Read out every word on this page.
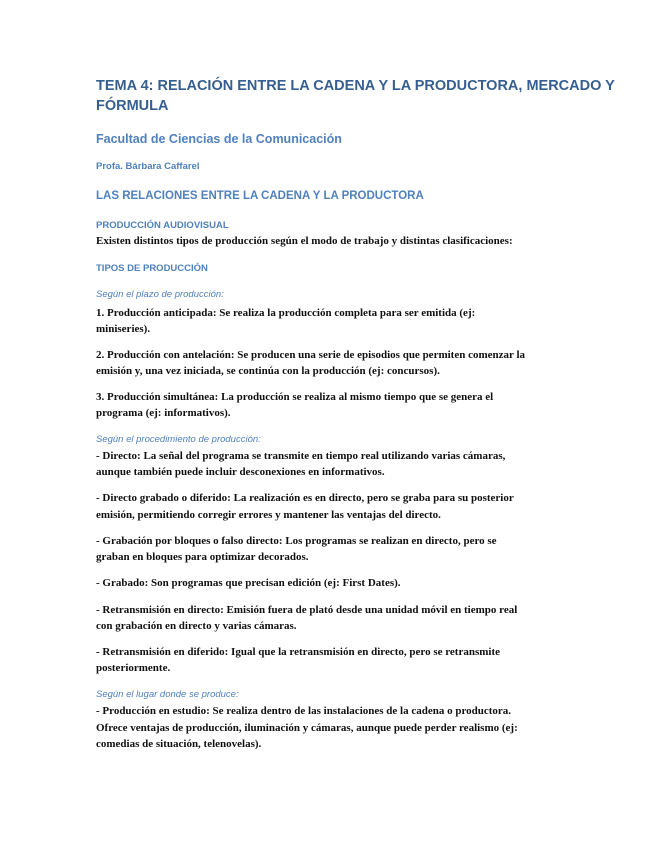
TEMA 4: RELACIÓN ENTRE LA CADENA Y LA PRODUCTORA, MERCADO Y
FÓRMULA
Facultad de Ciencias de la Comunicación
Profa. Bárbara Caffarel
LAS RELACIONES ENTRE LA CADENA Y LA PRODUCTORA
PRODUCCIÓN AUDIOVISUAL
Existen distintos tipos de producción según el modo de trabajo y distintas clasificaciones:
TIPOS DE PRODUCCIÓN
Según el plazo de producción:
1. Producción anticipada: Se realiza la producción completa para ser emitida (ej:
miniseries).
2. Producción con antelación: Se producen una serie de episodios que permiten comenzar la
emisión y, una vez iniciada, se continúa con la producción (ej: concursos).
3. Producción simultánea: La producción se realiza al mismo tiempo que se genera el
programa (ej: informativos).
Según el procedimiento de producción:
- Directo: La señal del programa se transmite en tiempo real utilizando varias cámaras,
aunque también puede incluir desconexiones en informativos.
- Directo grabado o diferido: La realización es en directo, pero se graba para su posterior
emisión, permitiendo corregir errores y mantener las ventajas del directo.
- Grabación por bloques o falso directo: Los programas se realizan en directo, pero se
graban en bloques para optimizar decorados.
- Grabado: Son programas que precisan edición (ej: First Dates).
- Retransmisión en directo: Emisión fuera de plató desde una unidad móvil en tiempo real
con grabación en directo y varias cámaras.
- Retransmisión en diferido: Igual que la retransmisión en directo, pero se retransmite
posteriormente.
Según el lugar donde se produce:
- Producción en estudio: Se realiza dentro de las instalaciones de la cadena o productora.
Ofrece ventajas de producción, iluminación y cámaras, aunque puede perder realismo (ej:
comedias de situación, telenovelas).
